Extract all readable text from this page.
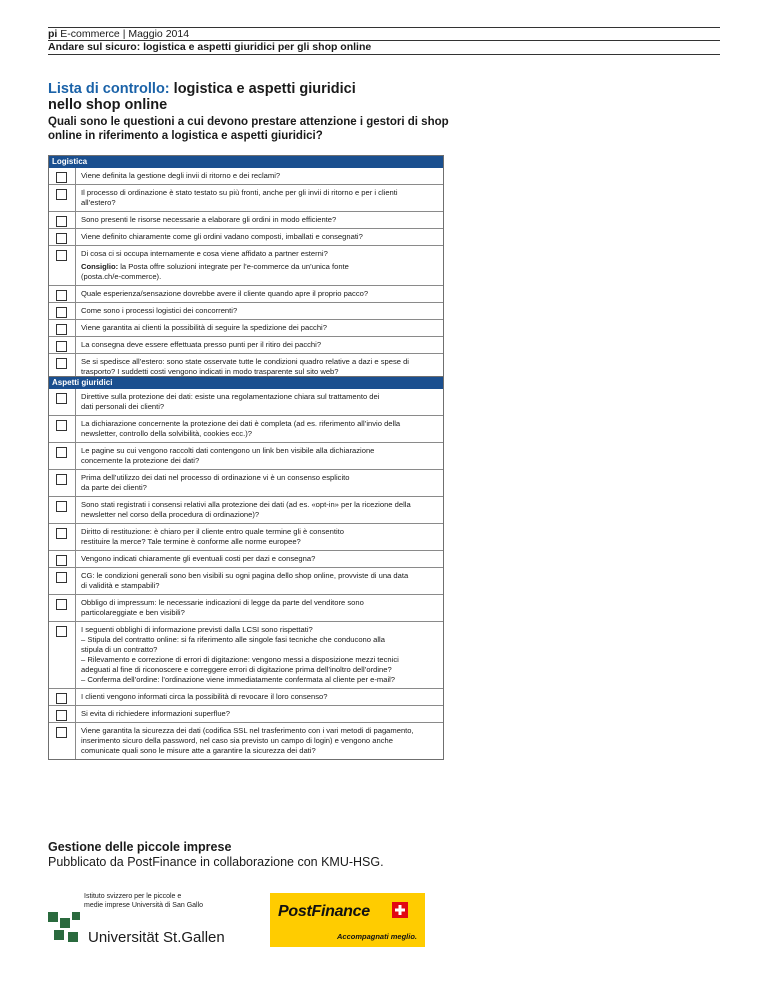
pi E-commerce | Maggio 2014
Andare sul sicuro: logistica e aspetti giuridici per gli shop online
Lista di controllo: logistica e aspetti giuridici
nello shop online
Quali sono le questioni a cui devono prestare attenzione i gestori di shop online in riferimento a logistica e aspetti giuridici?
Logistica
Viene definita la gestione degli invii di ritorno e dei reclami?
Il processo di ordinazione è stato testato su più fronti, anche per gli invii di ritorno e per i clienti
all’estero?
Sono presenti le risorse necessarie a elaborare gli ordini in modo efficiente?
Viene definito chiaramente come gli ordini vadano composti, imballati e consegnati?
Di cosa ci si occupa internamente e cosa viene affidato a partner esterni?
Consiglio: la Posta offre soluzioni integrate per l’e-commerce da un’unica fonte
(posta.ch/e-commerce).
Quale esperienza/sensazione dovrebbe avere il cliente quando apre il proprio pacco?
Come sono i processi logistici dei concorrenti?
Viene garantita ai clienti la possibilità di seguire la spedizione dei pacchi?
La consegna deve essere effettuata presso punti per il ritiro dei pacchi?
Se si spedisce all’estero: sono state osservate tutte le condizioni quadro relative a dazi e spese di
trasporto? I suddetti costi vengono indicati in modo trasparente sul sito web?
Aspetti giuridici
Direttive sulla protezione dei dati: esiste una regolamentazione chiara sul trattamento dei
dati personali dei clienti?
La dichiarazione concernente la protezione dei dati è completa (ad es. riferimento all’invio della
newsletter, controllo della solvibilità, cookies ecc.)?
Le pagine su cui vengono raccolti dati contengono un link ben visibile alla dichiarazione
concernente la protezione dei dati?
Prima dell’utilizzo dei dati nel processo di ordinazione vi è un consenso esplicito
da parte dei clienti?
Sono stati registrati i consensi relativi alla protezione dei dati (ad es. «opt-in» per la ricezione della
newsletter nel corso della procedura di ordinazione)?
Diritto di restituzione: è chiaro per il cliente entro quale termine gli è consentito
restituire la merce? Tale termine è conforme alle norme europee?
Vengono indicati chiaramente gli eventuali costi per dazi e consegna?
CG: le condizioni generali sono ben visibili su ogni pagina dello shop online, provviste di una data
di validità e stampabili?
Obbligo di impressum: le necessarie indicazioni di legge da parte del venditore sono
particolareggiate e ben visibili?
I seguenti obblighi di informazione previsti dalla LCSI sono rispettati?
– Stipula del contratto online: si fa riferimento alle singole fasi tecniche che conducono alla
stipula di un contratto?
– Rilevamento e correzione di errori di digitazione: vengono messi a disposizione mezzi tecnici
adeguati al fine di riconoscere e correggere errori di digitazione prima dell’inoltro dell’ordine?
– Conferma dell’ordine: l’ordinazione viene immediatamente confermata al cliente per e-mail?
I clienti vengono informati circa la possibilità di revocare il loro consenso?
Si evita di richiedere informazioni superflue?
Viene garantita la sicurezza dei dati (codifica SSL nel trasferimento con i vari metodi di pagamento,
inserimento sicuro della password, nel caso sia previsto un campo di login) e vengono anche
comunicate quali sono le misure atte a garantire la sicurezza dei dati?
Gestione delle piccole imprese
Pubblicato da PostFinance in collaborazione con KMU-HSG.
Istituto svizzero per le piccole e
medie imprese Università di San Gallo
Universität St.Gallen
PostFinance
Accompagnati meglio.
